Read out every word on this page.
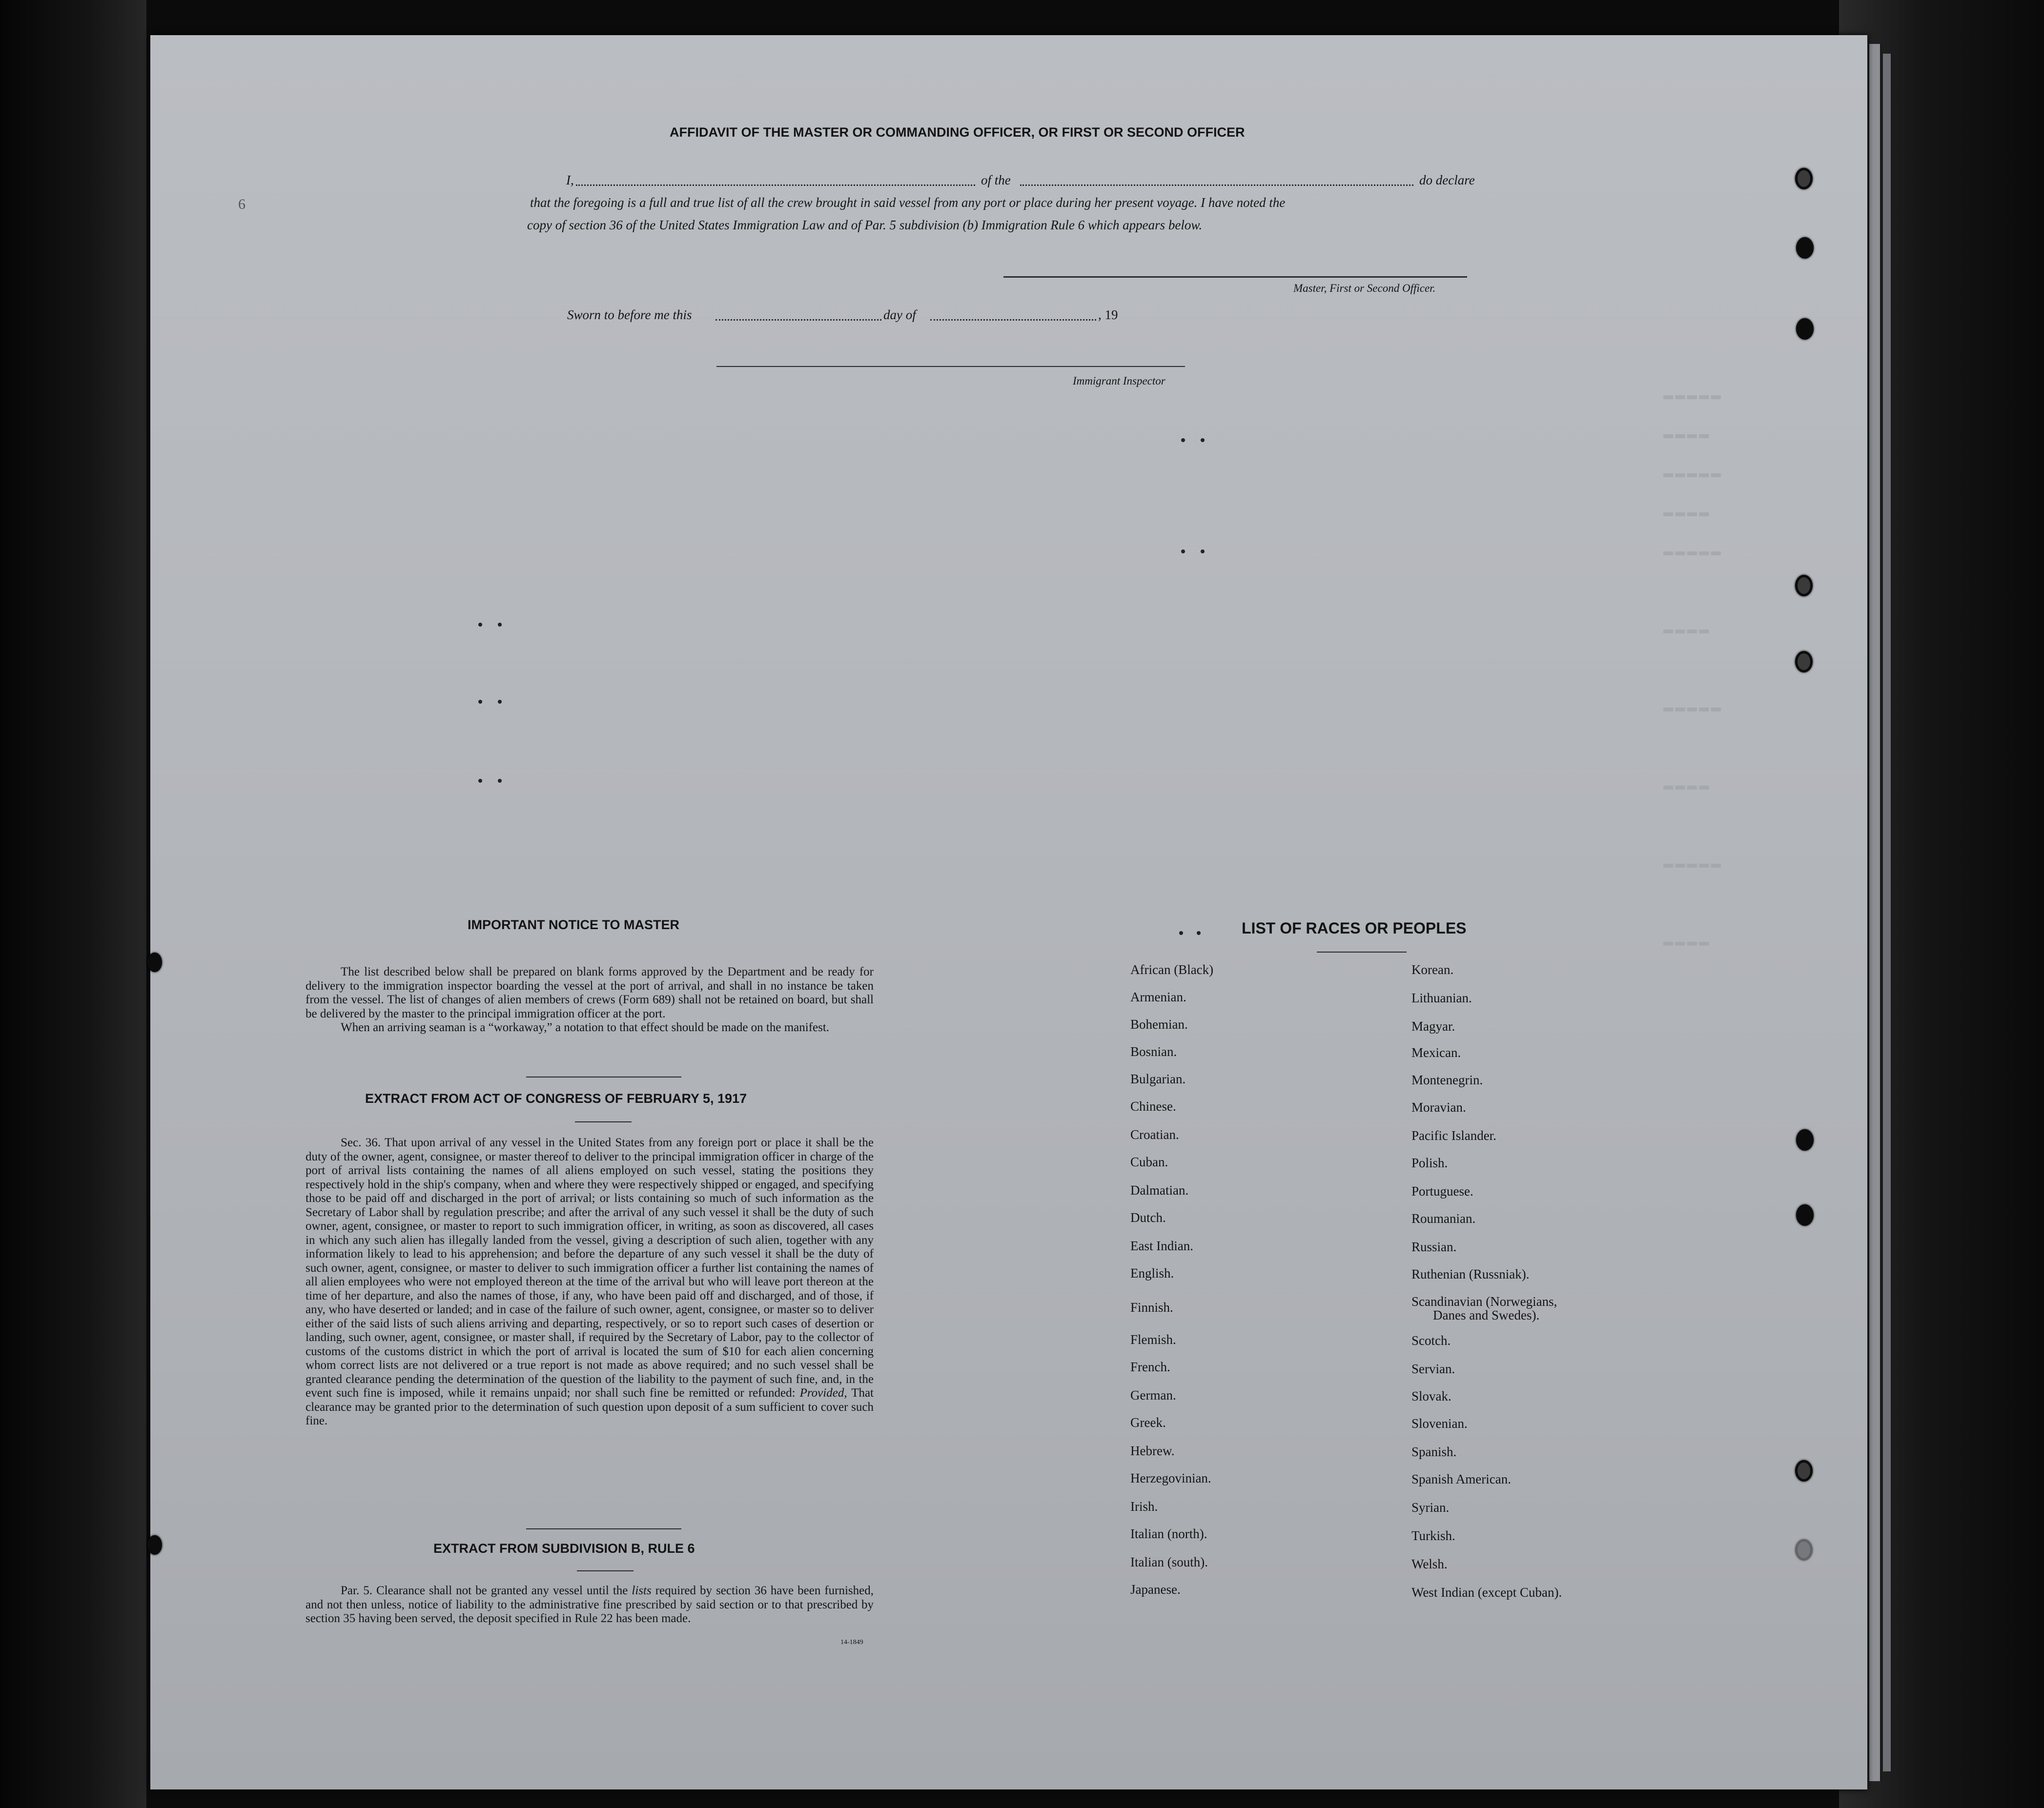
▬▬▬▬▬
▬▬▬▬
▬▬▬▬▬
▬▬▬▬
▬▬▬▬▬
▬▬▬▬
▬▬▬▬▬
▬▬▬▬
▬▬▬▬▬
▬▬▬▬
6
AFFIDAVIT OF THE MASTER OR COMMANDING OFFICER, OR FIRST OR SECOND OFFICER
I,	of the	do declare
that the foregoing is a full and true list of all the crew brought in said vessel from any port or place during her present voyage. I have noted the
copy of section 36 of the United States Immigration Law and of Par. 5 subdivision (b) Immigration Rule 6 which appears below.
Master, First or Second Officer.
Sworn to before me this	day of	, 19
Immigrant Inspector
IMPORTANT NOTICE TO MASTER

The list described below shall be prepared on blank forms approved by the Department and be ready for delivery to the immigration inspector boarding the vessel at the port of arrival, and shall in no instance be taken from the vessel. The list of changes of alien members of crews (Form 689) shall not be retained on board, but shall be delivered by the master to the principal immigration officer at the port.

When an arriving seaman is a “workaway,” a notation to that effect should be made on the manifest.

EXTRACT FROM ACT OF CONGRESS OF FEBRUARY 5, 1917

Sec. 36. That upon arrival of any vessel in the United States from any foreign port or place it shall be the duty of the owner, agent, consignee, or master thereof to deliver to the principal immigration officer in charge of the port of arrival lists containing the names of all aliens employed on such vessel, stating the positions they respectively hold in the ship's company, when and where they were respectively shipped or engaged, and specifying those to be paid off and discharged in the port of arrival; or lists containing so much of such information as the Secretary of Labor shall by regulation prescribe; and after the arrival of any such vessel it shall be the duty of such owner, agent, consignee, or master to report to such immigration officer, in writing, as soon as discovered, all cases in which any such alien has illegally landed from the vessel, giving a description of such alien, together with any information likely to lead to his apprehension; and before the departure of any such vessel it shall be the duty of such owner, agent, consignee, or master to deliver to such immigration officer a further list containing the names of all alien employees who were not employed thereon at the time of the arrival but who will leave port thereon at the time of her departure, and also the names of those, if any, who have been paid off and discharged, and of those, if any, who have deserted or landed; and in case of the failure of such owner, agent, consignee, or master so to deliver either of the said lists of such aliens arriving and departing, respectively, or so to report such cases of desertion or landing, such owner, agent, consignee, or master shall, if required by the Secretary of Labor, pay to the collector of customs of the customs district in which the port of arrival is located the sum of $10 for each alien concerning whom correct lists are not delivered or a true report is not made as above required; and no such vessel shall be granted clearance pending the determination of the question of the liability to the payment of such fine, and, in the event such fine is imposed, while it remains unpaid; nor shall such fine be remitted or refunded: Provided, That clearance may be granted prior to the determination of such question upon deposit of a sum sufficient to cover such fine.

EXTRACT FROM SUBDIVISION B, RULE 6

Par. 5. Clearance shall not be granted any vessel until the lists required by section 36 have been furnished, and not then unless, notice of liability to the administrative fine prescribed by said section or to that prescribed by section 35 having been served, the deposit specified in Rule 22 has been made.

14-1849
LIST OF RACES OR PEOPLES
African (Black)
Armenian.
Bohemian.
Bosnian.
Bulgarian.
Chinese.
Croatian.
Cuban.
Dalmatian.
Dutch.
East Indian.
English.
Finnish.
Flemish.
French.
German.
Greek.
Hebrew.
Herzegovinian.
Irish.
Italian (north).
Italian (south).
Japanese.
Korean.
Lithuanian.
Magyar.
Mexican.
Montenegrin.
Moravian.
Pacific Islander.
Polish.
Portuguese.
Roumanian.
Russian.
Ruthenian (Russniak).
Scandinavian (Norwegians,
Danes and Swedes).
Scotch.
Servian.
Slovak.
Slovenian.
Spanish.
Spanish American.
Syrian.
Turkish.
Welsh.
West Indian (except Cuban).
